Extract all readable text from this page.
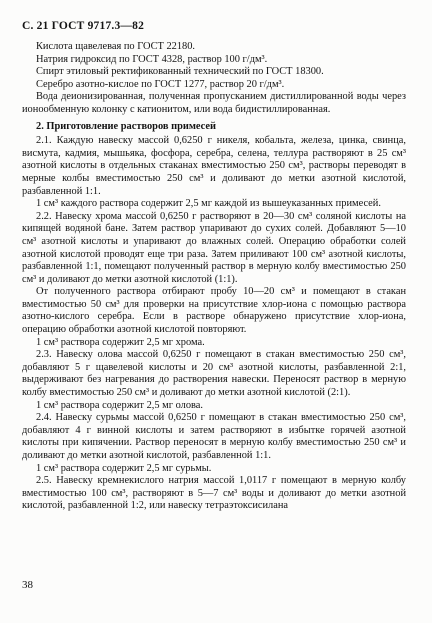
С. 21 ГОСТ 9717.3—82

Кислота щавелевая по ГОСТ 22180.

Натрия гидроксид по ГОСТ 4328, раствор 100 г/дм³.

Спирт этиловый ректификованный технический по ГОСТ 18300.

Серебро азотно-кислое по ГОСТ 1277, раствор 20 г/дм³.

Вода деионизированная, полученная пропусканием дистиллированной воды через ионообменную колонку с катионитом, или вода бидистиллированная.

2. Приготовление растворов примесей

2.1. Каждую навеску массой 0,6250 г никеля, кобальта, железа, цинка, свинца, висмута, кадмия, мышьяка, фосфора, серебра, селена, теллура растворяют в 25 см³ азотной кислоты в отдельных стаканах вместимостью 250 см³, растворы переводят в мерные колбы вместимостью 250 см³ и доливают до метки азотной кислотой, разбавленной 1:1.

1 см³ каждого раствора содержит 2,5 мг каждой из вышеуказанных примесей.

2.2. Навеску хрома массой 0,6250 г растворяют в 20—30 см³ соляной кислоты на кипящей водяной бане. Затем раствор упаривают до сухих солей. Добавляют 5—10 см³ азотной кислоты и упаривают до влажных солей. Операцию обработки солей азотной кислотой проводят еще три раза. Затем приливают 100 см³ азотной кислоты, разбавленной 1:1, помещают полученный раствор в мерную колбу вместимостью 250 см³ и доливают до метки азотной кислотой (1:1).

От полученного раствора отбирают пробу 10—20 см³ и помещают в стакан вместимостью 50 см³ для проверки на присутствие хлор-иона с помощью раствора азотно-кислого серебра. Если в растворе обнаружено присутствие хлор-иона, операцию обработки азотной кислотой повторяют.

1 см³ раствора содержит 2,5 мг хрома.

2.3. Навеску олова массой 0,6250 г помещают в стакан вместимостью 250 см³, добавляют 5 г щавелевой кислоты и 20 см³ азотной кислоты, разбавленной 2:1, выдерживают без нагревания до растворения навески. Переносят раствор в мерную колбу вместимостью 250 см³ и доливают до метки азотной кислотой (2:1).

1 см³ раствора содержит 2,5 мг олова.

2.4. Навеску сурьмы массой 0,6250 г помещают в стакан вместимостью 250 см³, добавляют 4 г винной кислоты и затем растворяют в избытке горячей азотной кислоты при кипячении. Раствор переносят в мерную колбу вместимостью 250 см³ и доливают до метки азотной кислотой, разбавленной 1:1.

1 см³ раствора содержит 2,5 мг сурьмы.

2.5. Навеску кремнекислого натрия массой 1,0117 г помещают в мерную колбу вместимостью 100 см³, растворяют в 5—7 см³ воды и доливают до метки азотной кислотой, разбавленной 1:2, или навеску тетраэтоксисилана

38
